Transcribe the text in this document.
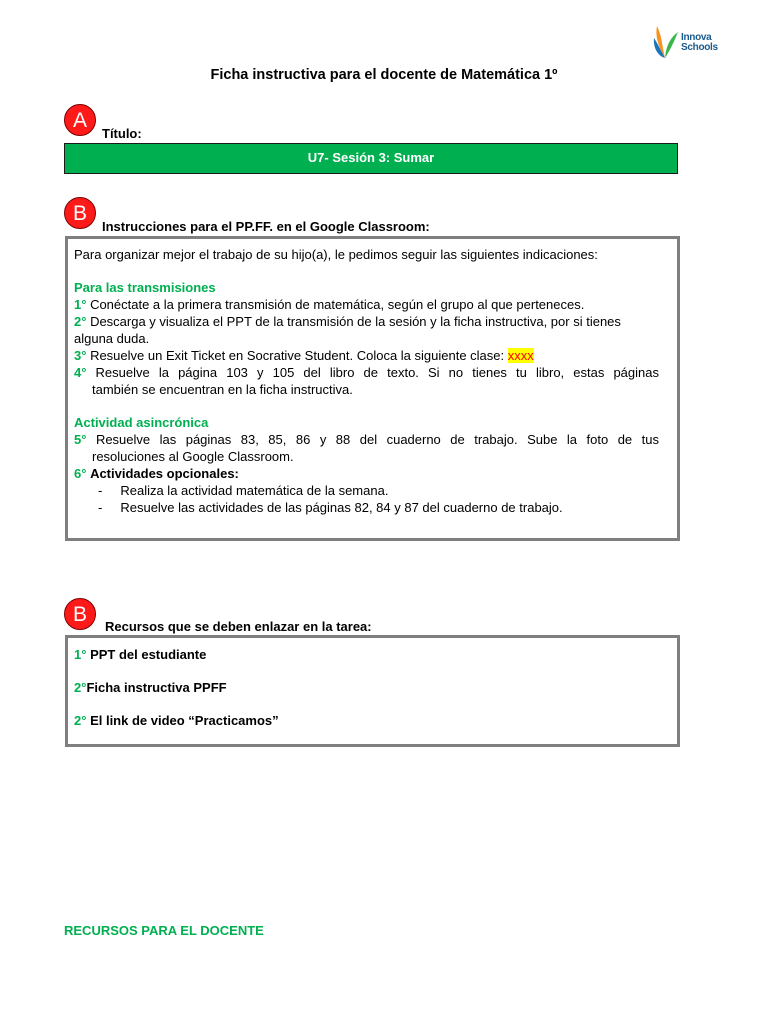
Innova
Schools
Ficha instructiva para el docente de Matemática 1º
A
Título:
U7- Sesión 3: Sumar
B
Instrucciones para el PP.FF. en el Google Classroom:
Para organizar mejor el trabajo de su hijo(a), le pedimos seguir las siguientes indicaciones:
Para las transmisiones
1° Conéctate a la primera transmisión de matemática, según el grupo al que perteneces.
2° Descarga y visualiza el PPT de la transmisión de la sesión y la ficha instructiva, por si tienes
alguna duda.
3° Resuelve un Exit Ticket en Socrative Student. Coloca la siguiente clase: xxxx
4° Resuelve la página 103 y 105 del libro de texto. Si no tienes tu libro, estas páginas
también se encuentran en la ficha instructiva.
Actividad asincrónica
5° Resuelve las páginas 83, 85, 86 y 88 del cuaderno de trabajo. Sube la foto de tus
resoluciones al Google Classroom.
6° Actividades opcionales:
- Realiza la actividad matemática de la semana.
- Resuelve las actividades de las páginas 82, 84 y 87 del cuaderno de trabajo.
B
Recursos que se deben enlazar en la tarea:
1° PPT del estudiante
2°Ficha instructiva PPFF
2° El link de video “Practicamos”
RECURSOS PARA EL DOCENTE
